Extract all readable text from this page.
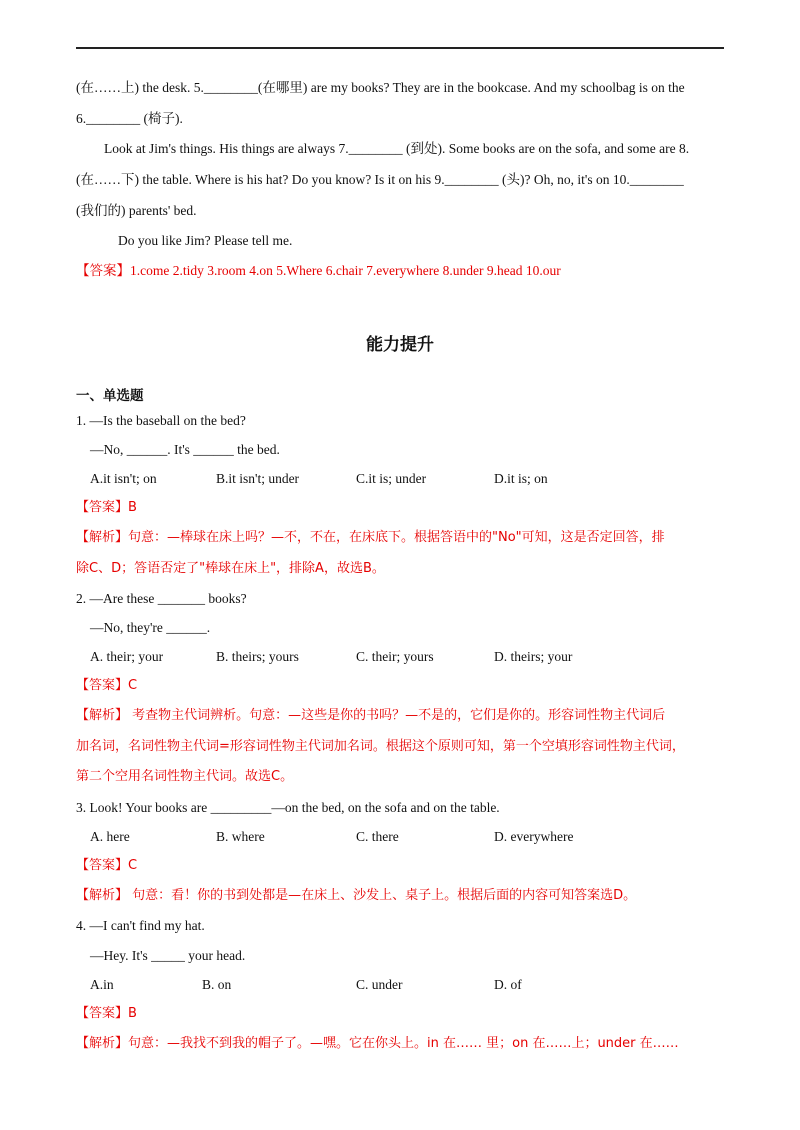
(在……上) the desk. 5.________(在哪里) are my books? They are in the bookcase. And my schoolbag is on the
6.________ (椅子).
Look at Jim's things. His things are always 7.________ (到处). Some books are on the sofa, and some are 8.
(在……下) the table. Where is his hat? Do you know? Is it on his 9.________ (头)? Oh, no, it's on 10.________
(我们的) parents' bed.
Do you like Jim? Please tell me.
【答案】1.come 2.tidy 3.room 4.on 5.Where 6.chair 7.everywhere 8.under 9.head 10.our
能力提升
一、单选题
1. —Is the baseball on the bed?
—No, ______. It's ______ the bed.
A.it isn't; on	B.it isn't; under	C.it is; under	D.it is; on
【答案】B
【解析】句意：—棒球在床上吗？—不，不在，在床底下。根据答语中的"No"可知，这是否定回答，排
除C、D；答语否定了"棒球在床上"，排除A，故选B。
2. —Are these _______ books?
—No, they're ______.
A. their; your	B. theirs; yours	C. their; yours	D. theirs; your
【答案】C
【解析】 考查物主代词辨析。句意：—这些是你的书吗？—不是的，它们是你的。形容词性物主代词后
加名词，名词性物主代词=形容词性物主代词加名词。根据这个原则可知，第一个空填形容词性物主代词，
第二个空用名词性物主代词。故选C。
3. Look! Your books are _________—on the bed, on the sofa and on the table.
A. here	B. where	C. there	D. everywhere
【答案】C
【解析】 句意：看！你的书到处都是—在床上、沙发上、桌子上。根据后面的内容可知答案选D。
4. —I can't find my hat.
—Hey. It's _____ your head.
A.in	B. on	C. under	D. of
【答案】B
【解析】句意：—我找不到我的帽子了。—嘿。它在你头上。in 在…… 里；on 在……上；under 在……
